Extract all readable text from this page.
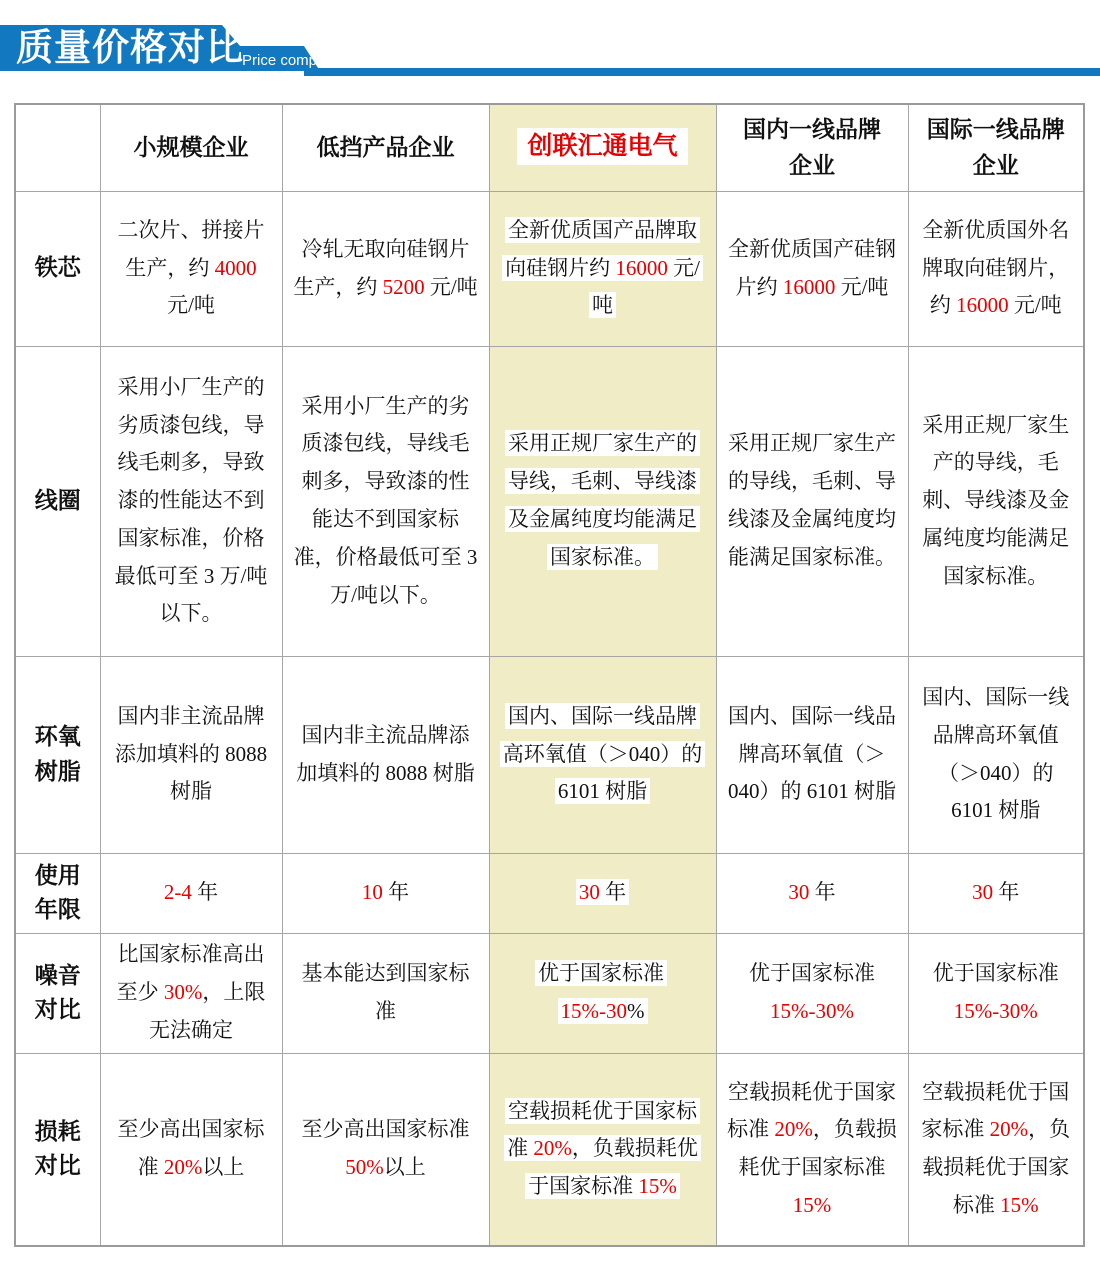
质量价格对比
Price comparison
	小规模企业	低挡产品企业	创联汇通电气	国内一线品牌企业	国际一线品牌企业
铁芯	二次片、拼接片生产，约 4000 元/吨	冷轧无取向硅钢片生产，约 5200 元/吨	全新优质国产品牌取向硅钢片约 16000 元/吨	全新优质国产硅钢片约 16000 元/吨	全新优质国外名牌取向硅钢片，约 16000 元/吨
线圈	采用小厂生产的劣质漆包线，导线毛刺多，导致漆的性能达不到国家标准，价格最低可至 3 万/吨以下。	采用小厂生产的劣质漆包线，导线毛刺多，导致漆的性能达不到国家标准，价格最低可至 3 万/吨以下。	采用正规厂家生产的导线，毛刺、导线漆及金属纯度均能满足国家标准。	采用正规厂家生产的导线，毛刺、导线漆及金属纯度均能满足国家标准。	采用正规厂家生产的导线，毛刺、导线漆及金属纯度均能满足国家标准。
环氧树脂	国内非主流品牌添加填料的 8088 树脂	国内非主流品牌添加填料的 8088 树脂	国内、国际一线品牌高环氧值（＞040）的 6101 树脂	国内、国际一线品牌高环氧值（＞040）的 6101 树脂	国内、国际一线品牌高环氧值（＞040）的 6101 树脂
使用年限	2-4 年	10 年	30 年	30 年	30 年
噪音对比	比国家标准高出至少 30%，上限无法确定	基本能达到国家标准	优于国家标准 15%-30%	优于国家标准 15%-30%	优于国家标准 15%-30%
损耗对比	至少高出国家标准 20%以上	至少高出国家标准 50%以上	空载损耗优于国家标准 20%，负载损耗优于国家标准 15%	空载损耗优于国家标准 20%，负载损耗优于国家标准 15%	空载损耗优于国家标准 20%，负载损耗优于国家标准 15%
